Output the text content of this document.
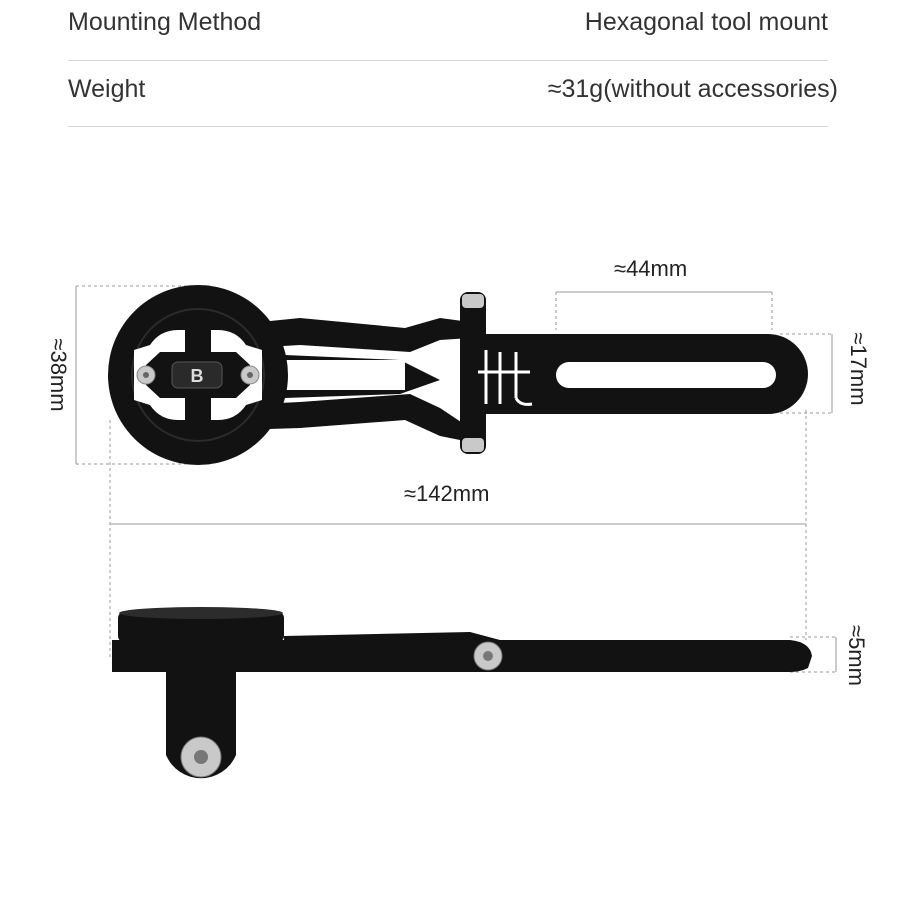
Mounting Method	Hexagonal tool mount
Weight	≈31g(without accessories)
B
≈44mm
≈38mm	≈17mm
≈142mm
≈5mm
